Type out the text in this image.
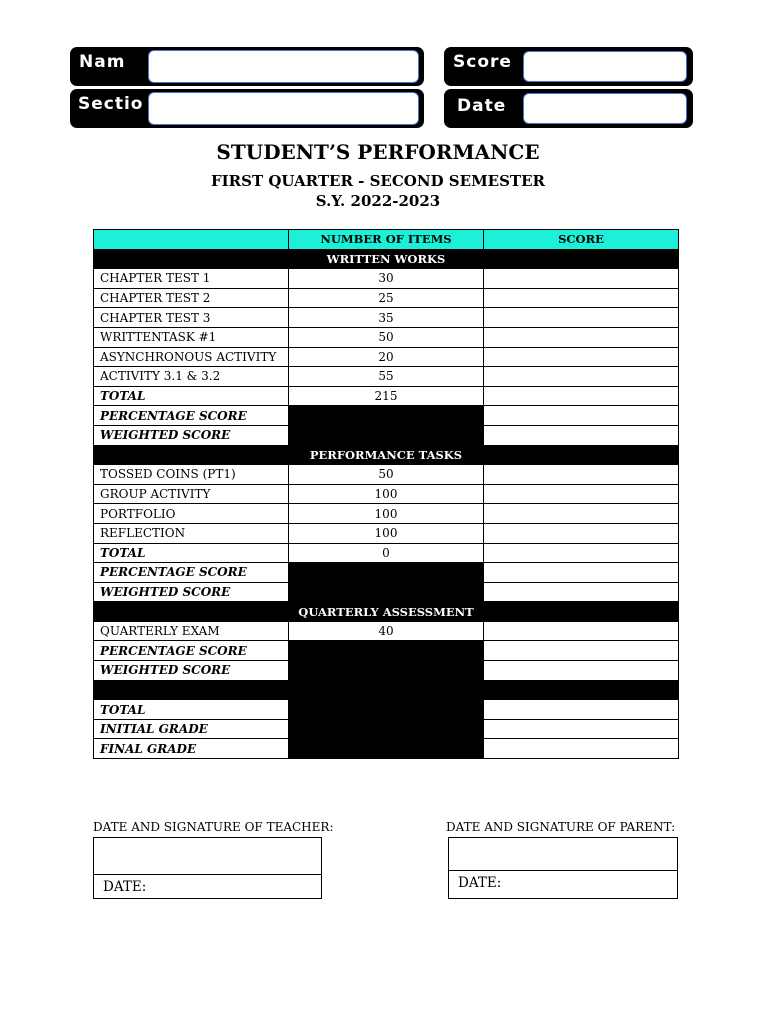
Nam
Sectio
Score
Date
STUDENT’S PERFORMANCE
FIRST QUARTER - SECOND SEMESTER
S.Y. 2022-2023
	NUMBER OF ITEMS	SCORE
WRITTEN WORKS		
CHAPTER TEST 1	30	
CHAPTER TEST 2	25	
CHAPTER TEST 3	35	
WRITTENTASK #1	50	
ASYNCHRONOUS ACTIVITY	20	
ACTIVITY 3.1 & 3.2	55	
TOTAL	215	
PERCENTAGE SCORE		
WEIGHTED SCORE		
PERFORMANCE TASKS		
TOSSED COINS (PT1)	50	
GROUP ACTIVITY	100	
PORTFOLIO	100	
REFLECTION	100	
TOTAL	0	
PERCENTAGE SCORE		
WEIGHTED SCORE		
QUARTERLY ASSESSMENT		
QUARTERLY EXAM	40	
PERCENTAGE SCORE		
WEIGHTED SCORE		

TOTAL		
INITIAL GRADE		
FINAL GRADE		
DATE AND SIGNATURE OF TEACHER:
DATE:
DATE AND SIGNATURE OF PARENT:
DATE:
